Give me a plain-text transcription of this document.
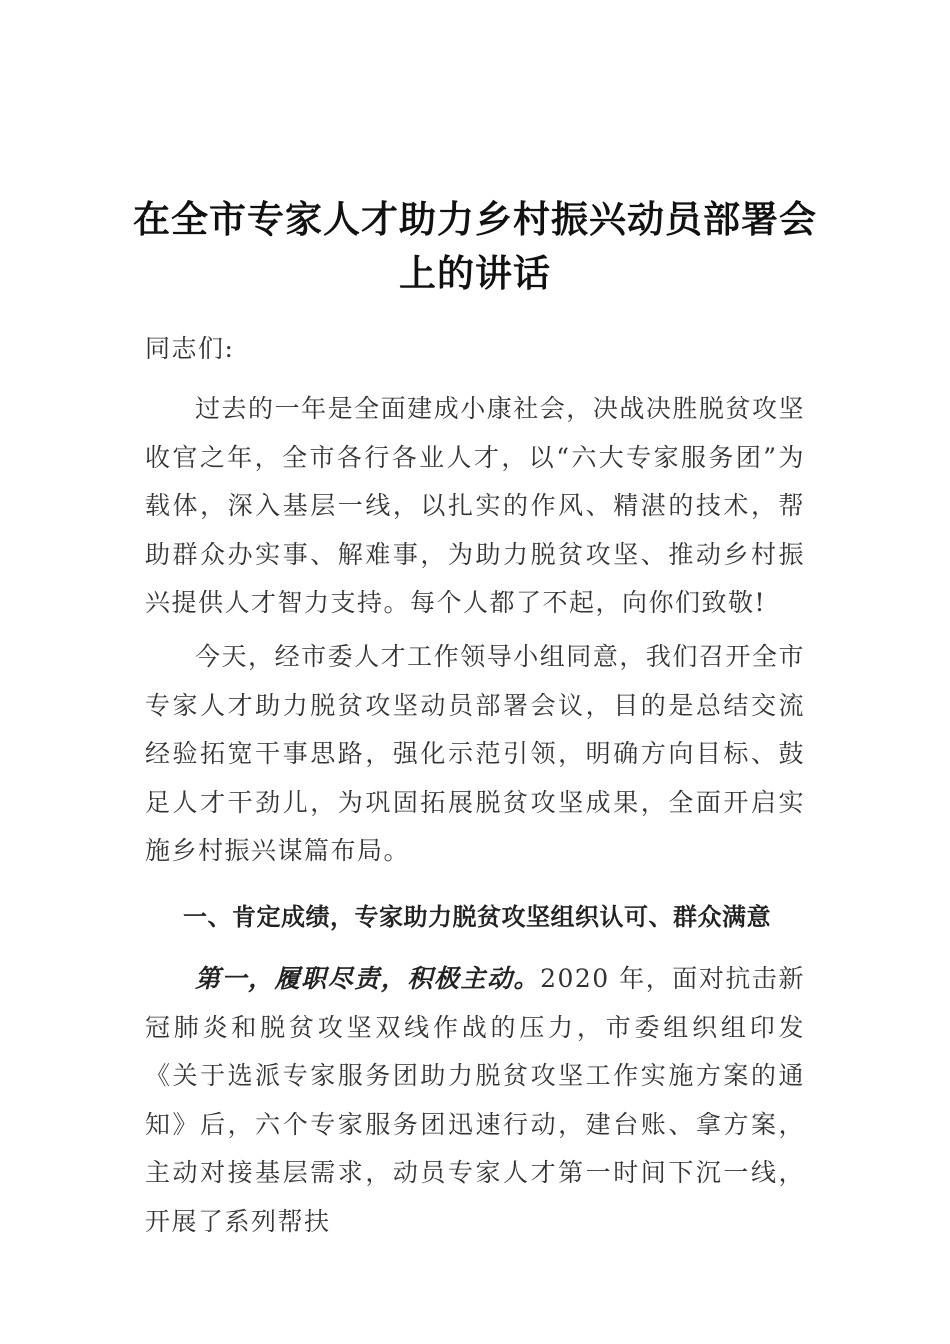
在全市专家人才助力乡村振兴动员部署会上的讲话

同志们:

过去的一年是全面建成小康社会，决战决胜脱贫攻坚收官之年，全市各行各业人才，以“六大专家服务团”为载体，深入基层一线，以扎实的作风、精湛的技术，帮助群众办实事、解难事，为助力脱贫攻坚、推动乡村振兴提供人才智力支持。每个人都了不起，向你们致敬!

今天，经市委人才工作领导小组同意，我们召开全市专家人才助力脱贫攻坚动员部署会议，目的是总结交流经验拓宽干事思路，强化示范引领，明确方向目标、鼓足人才干劲儿，为巩固拓展脱贫攻坚成果，全面开启实施乡村振兴谋篇布局。

一、肯定成绩，专家助力脱贫攻坚组织认可、群众满意

第一，履职尽责，积极主动。2020 年，面对抗击新冠肺炎和脱贫攻坚双线作战的压力，市委组织组印发《关于选派专家服务团助力脱贫攻坚工作实施方案的通知》后，六个专家服务团迅速行动，建台账、拿方案，主动对接基层需求，动员专家人才第一时间下沉一线，开展了系列帮扶
